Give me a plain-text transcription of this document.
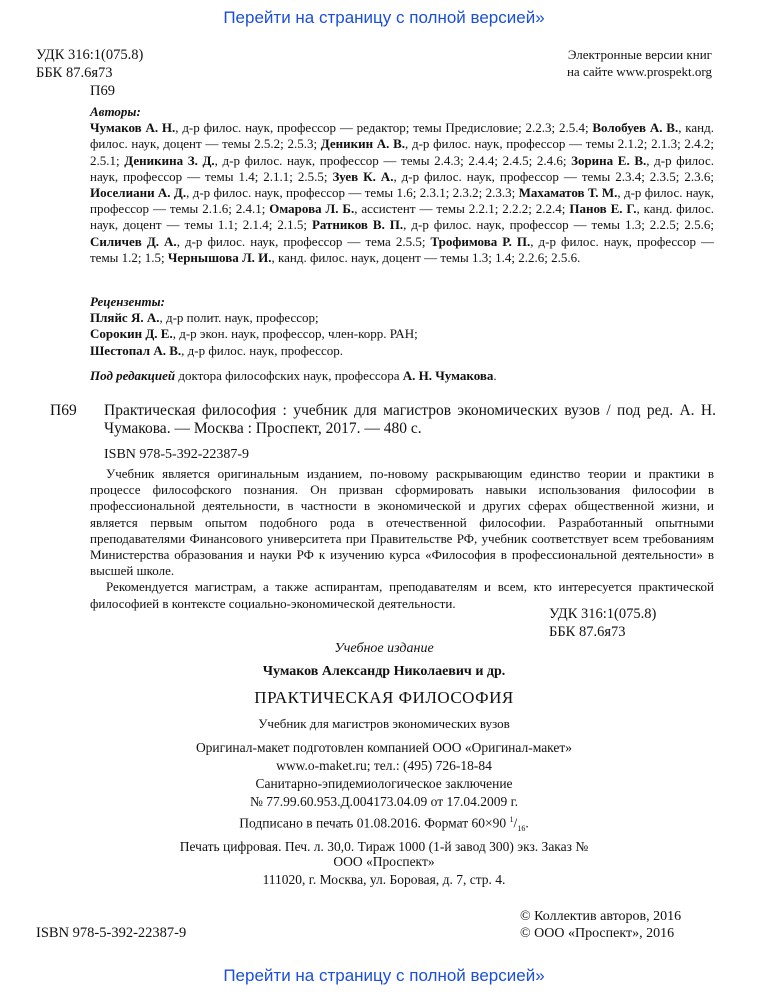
Перейти на страницу с полной версией»
УДК 316:1(075.8)
ББК 87.6я73
П69
Электронные версии книг
на сайте www.prospekt.org
Авторы:

Чумаков А. Н., д-р филос. наук, профессор — редактор; темы Предисловие; 2.2.3; 2.5.4; Волобуев А. В., канд. филос. наук, доцент — темы 2.5.2; 2.5.3; Деникин А. В., д-р филос. наук, профессор — темы 2.1.2; 2.1.3; 2.4.2; 2.5.1; Деникина З. Д., д-р филос. наук, профессор — темы 2.4.3; 2.4.4; 2.4.5; 2.4.6; Зорина Е. В., д-р филос. наук, профессор — темы 1.4; 2.1.1; 2.5.5; Зуев К. А., д-р филос. наук, профессор — темы 2.3.4; 2.3.5; 2.3.6; Иоселиани А. Д., д-р филос. наук, профессор — темы 1.6; 2.3.1; 2.3.2; 2.3.3; Махаматов Т. М., д-р филос. наук, профессор — темы 2.1.6; 2.4.1; Омарова Л. Б., ассистент — темы 2.2.1; 2.2.2; 2.2.4; Панов Е. Г., канд. филос. наук, доцент — темы 1.1; 2.1.4; 2.1.5; Ратников В. П., д-р филос. наук, профессор — темы 1.3; 2.2.5; 2.5.6; Силичев Д. А., д-р филос. наук, профессор — тема 2.5.5; Трофимова Р. П., д-р филос. наук, профессор — темы 1.2; 1.5; Чернышова Л. И., канд. филос. наук, доцент — темы 1.3; 1.4; 2.2.6; 2.5.6.

Рецензенты:
Пляйс Я. А., д-р полит. наук, профессор;
Сорокин Д. Е., д-р экон. наук, профессор, член-корр. РАН;
Шестопал А. В., д-р филос. наук, профессор.
Под редакцией доктора философских наук, профессора А. Н. Чумакова.
П69 Практическая философия : учебник для магистров экономических вузов / под ред. А. Н. Чумакова. — Москва : Проспект, 2017. — 480 с.
ISBN 978-5-392-22387-9

Учебник является оригинальным изданием, по-новому раскрывающим единство теории и практики в процессе философского познания. Он призван сформировать навыки использования философии в профессиональной деятельности, в частности в экономической и других сферах общественной жизни, и является первым опытом подобного рода в отечественной философии. Разработанный опытными преподавателями Финансового университета при Правительстве РФ, учебник соответствует всем требованиям Министерства образования и науки РФ к изучению курса «Философия в профессиональной деятельности» в высшей школе.

Рекомендуется магистрам, а также аспирантам, преподавателям и всем, кто интересуется практической философией в контексте социально-экономической деятельности.

УДК 316:1(075.8)
ББК 87.6я73
Учебное издание
Чумаков Александр Николаевич и др.
ПРАКТИЧЕСКАЯ ФИЛОСОФИЯ
Учебник для магистров экономических вузов
Оригинал-макет подготовлен компанией ООО «Оригинал-макет»
www.o-maket.ru; тел.: (495) 726-18-84
Санитарно-эпидемиологическое заключение
№ 77.99.60.953.Д.004173.04.09 от 17.04.2009 г.
Подписано в печать 01.08.2016. Формат 60×90 $^1/_{16}$.
Печать цифровая. Печ. л. 30,0. Тираж 1000 (1-й завод 300) экз. Заказ №
ООО «Проспект»
111020, г. Москва, ул. Боровая, д. 7, стр. 4.
ISBN 978-5-392-22387-9
© Коллектив авторов, 2016
© ООО «Проспект», 2016
Перейти на страницу с полной версией»
